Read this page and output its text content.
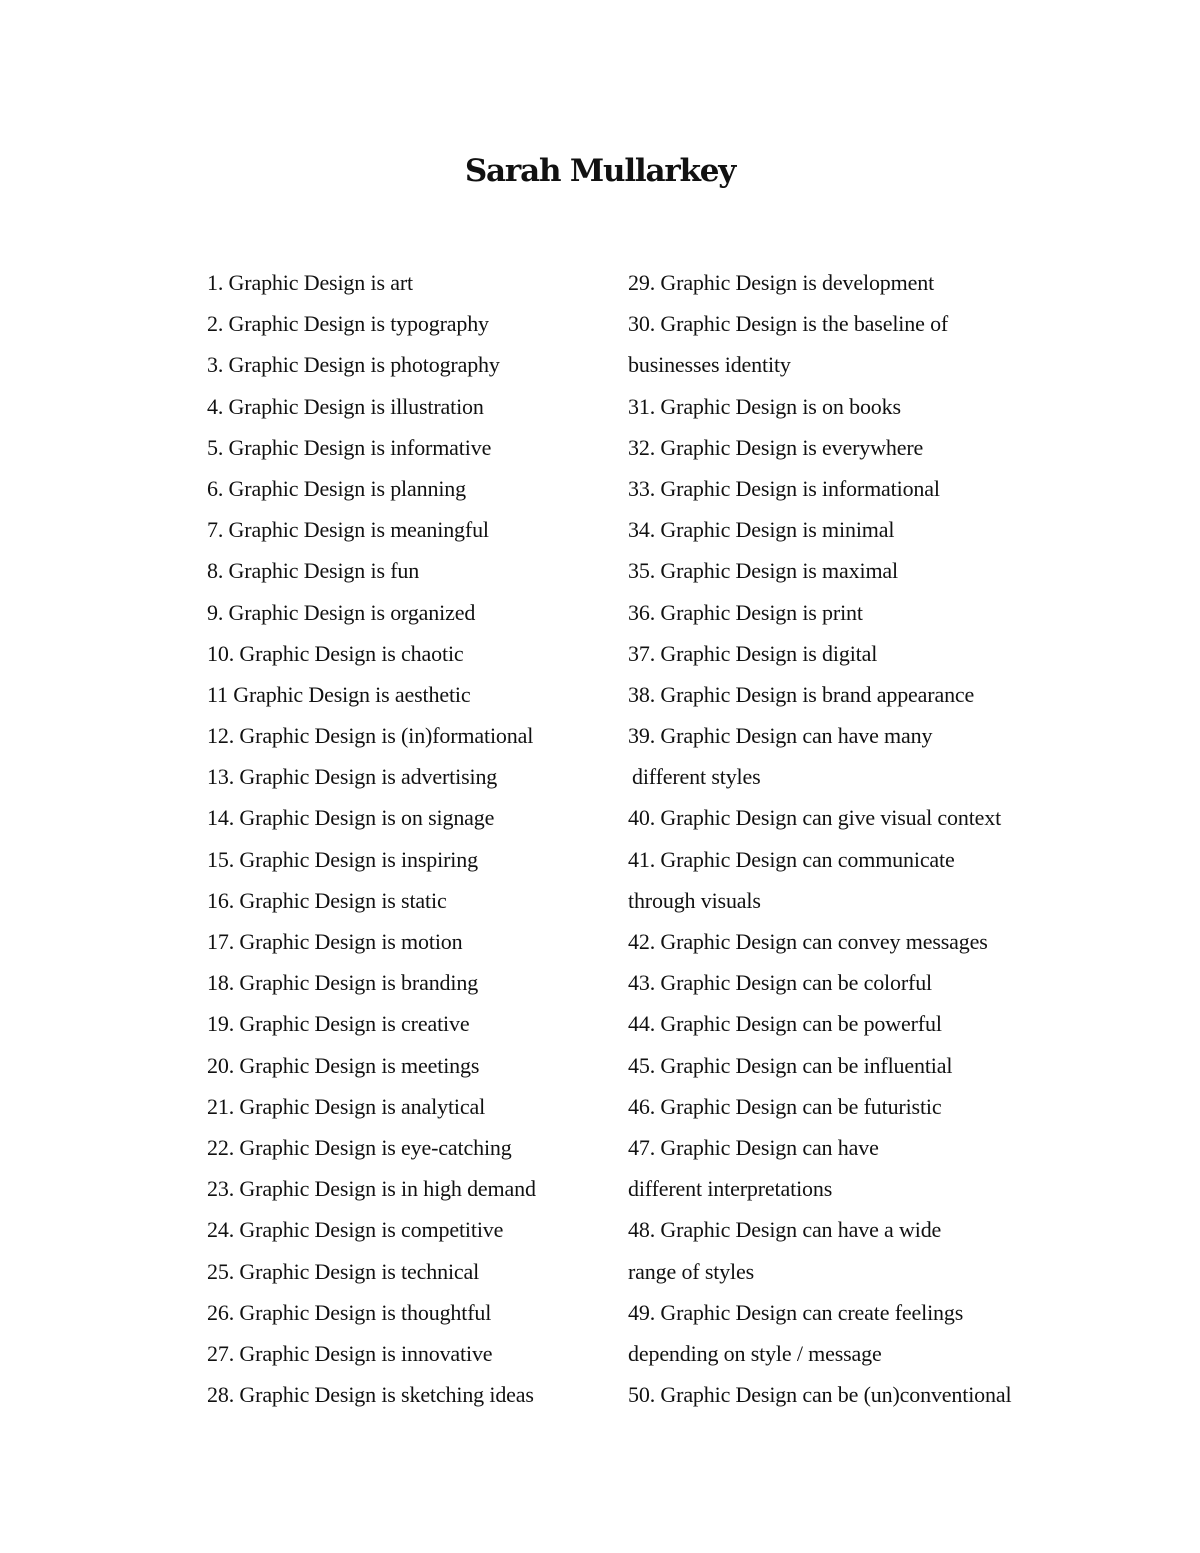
Sarah Mullarkey
1. Graphic Design is art
2. Graphic Design is typography
3. Graphic Design is photography
4. Graphic Design is illustration
5. Graphic Design is informative
6. Graphic Design is planning
7. Graphic Design is meaningful
8. Graphic Design is fun
9. Graphic Design is organized
10. Graphic Design is chaotic
11 Graphic Design is aesthetic
12. Graphic Design is (in)formational
13. Graphic Design is advertising
14. Graphic Design is on signage
15. Graphic Design is inspiring
16. Graphic Design is static
17. Graphic Design is motion
18. Graphic Design is branding
19. Graphic Design is creative
20. Graphic Design is meetings
21. Graphic Design is analytical
22. Graphic Design is eye-catching
23. Graphic Design is in high demand
24. Graphic Design is competitive
25. Graphic Design is technical
26. Graphic Design is thoughtful
27. Graphic Design is innovative
28. Graphic Design is sketching ideas
29. Graphic Design is development
30. Graphic Design is the baseline of
businesses identity
31. Graphic Design is on books
32. Graphic Design is everywhere
33. Graphic Design is informational
34. Graphic Design is minimal
35. Graphic Design is maximal
36. Graphic Design is print
37. Graphic Design is digital
38. Graphic Design is brand appearance
39. Graphic Design can have many
different styles
40. Graphic Design can give visual context
41. Graphic Design can communicate
through visuals
42. Graphic Design can convey messages
43. Graphic Design can be colorful
44. Graphic Design can be powerful
45. Graphic Design can be influential
46. Graphic Design can be futuristic
47. Graphic Design can have
different interpretations
48. Graphic Design can have a wide
range of styles
49. Graphic Design can create feelings
depending on style / message
50. Graphic Design can be (un)conventional
